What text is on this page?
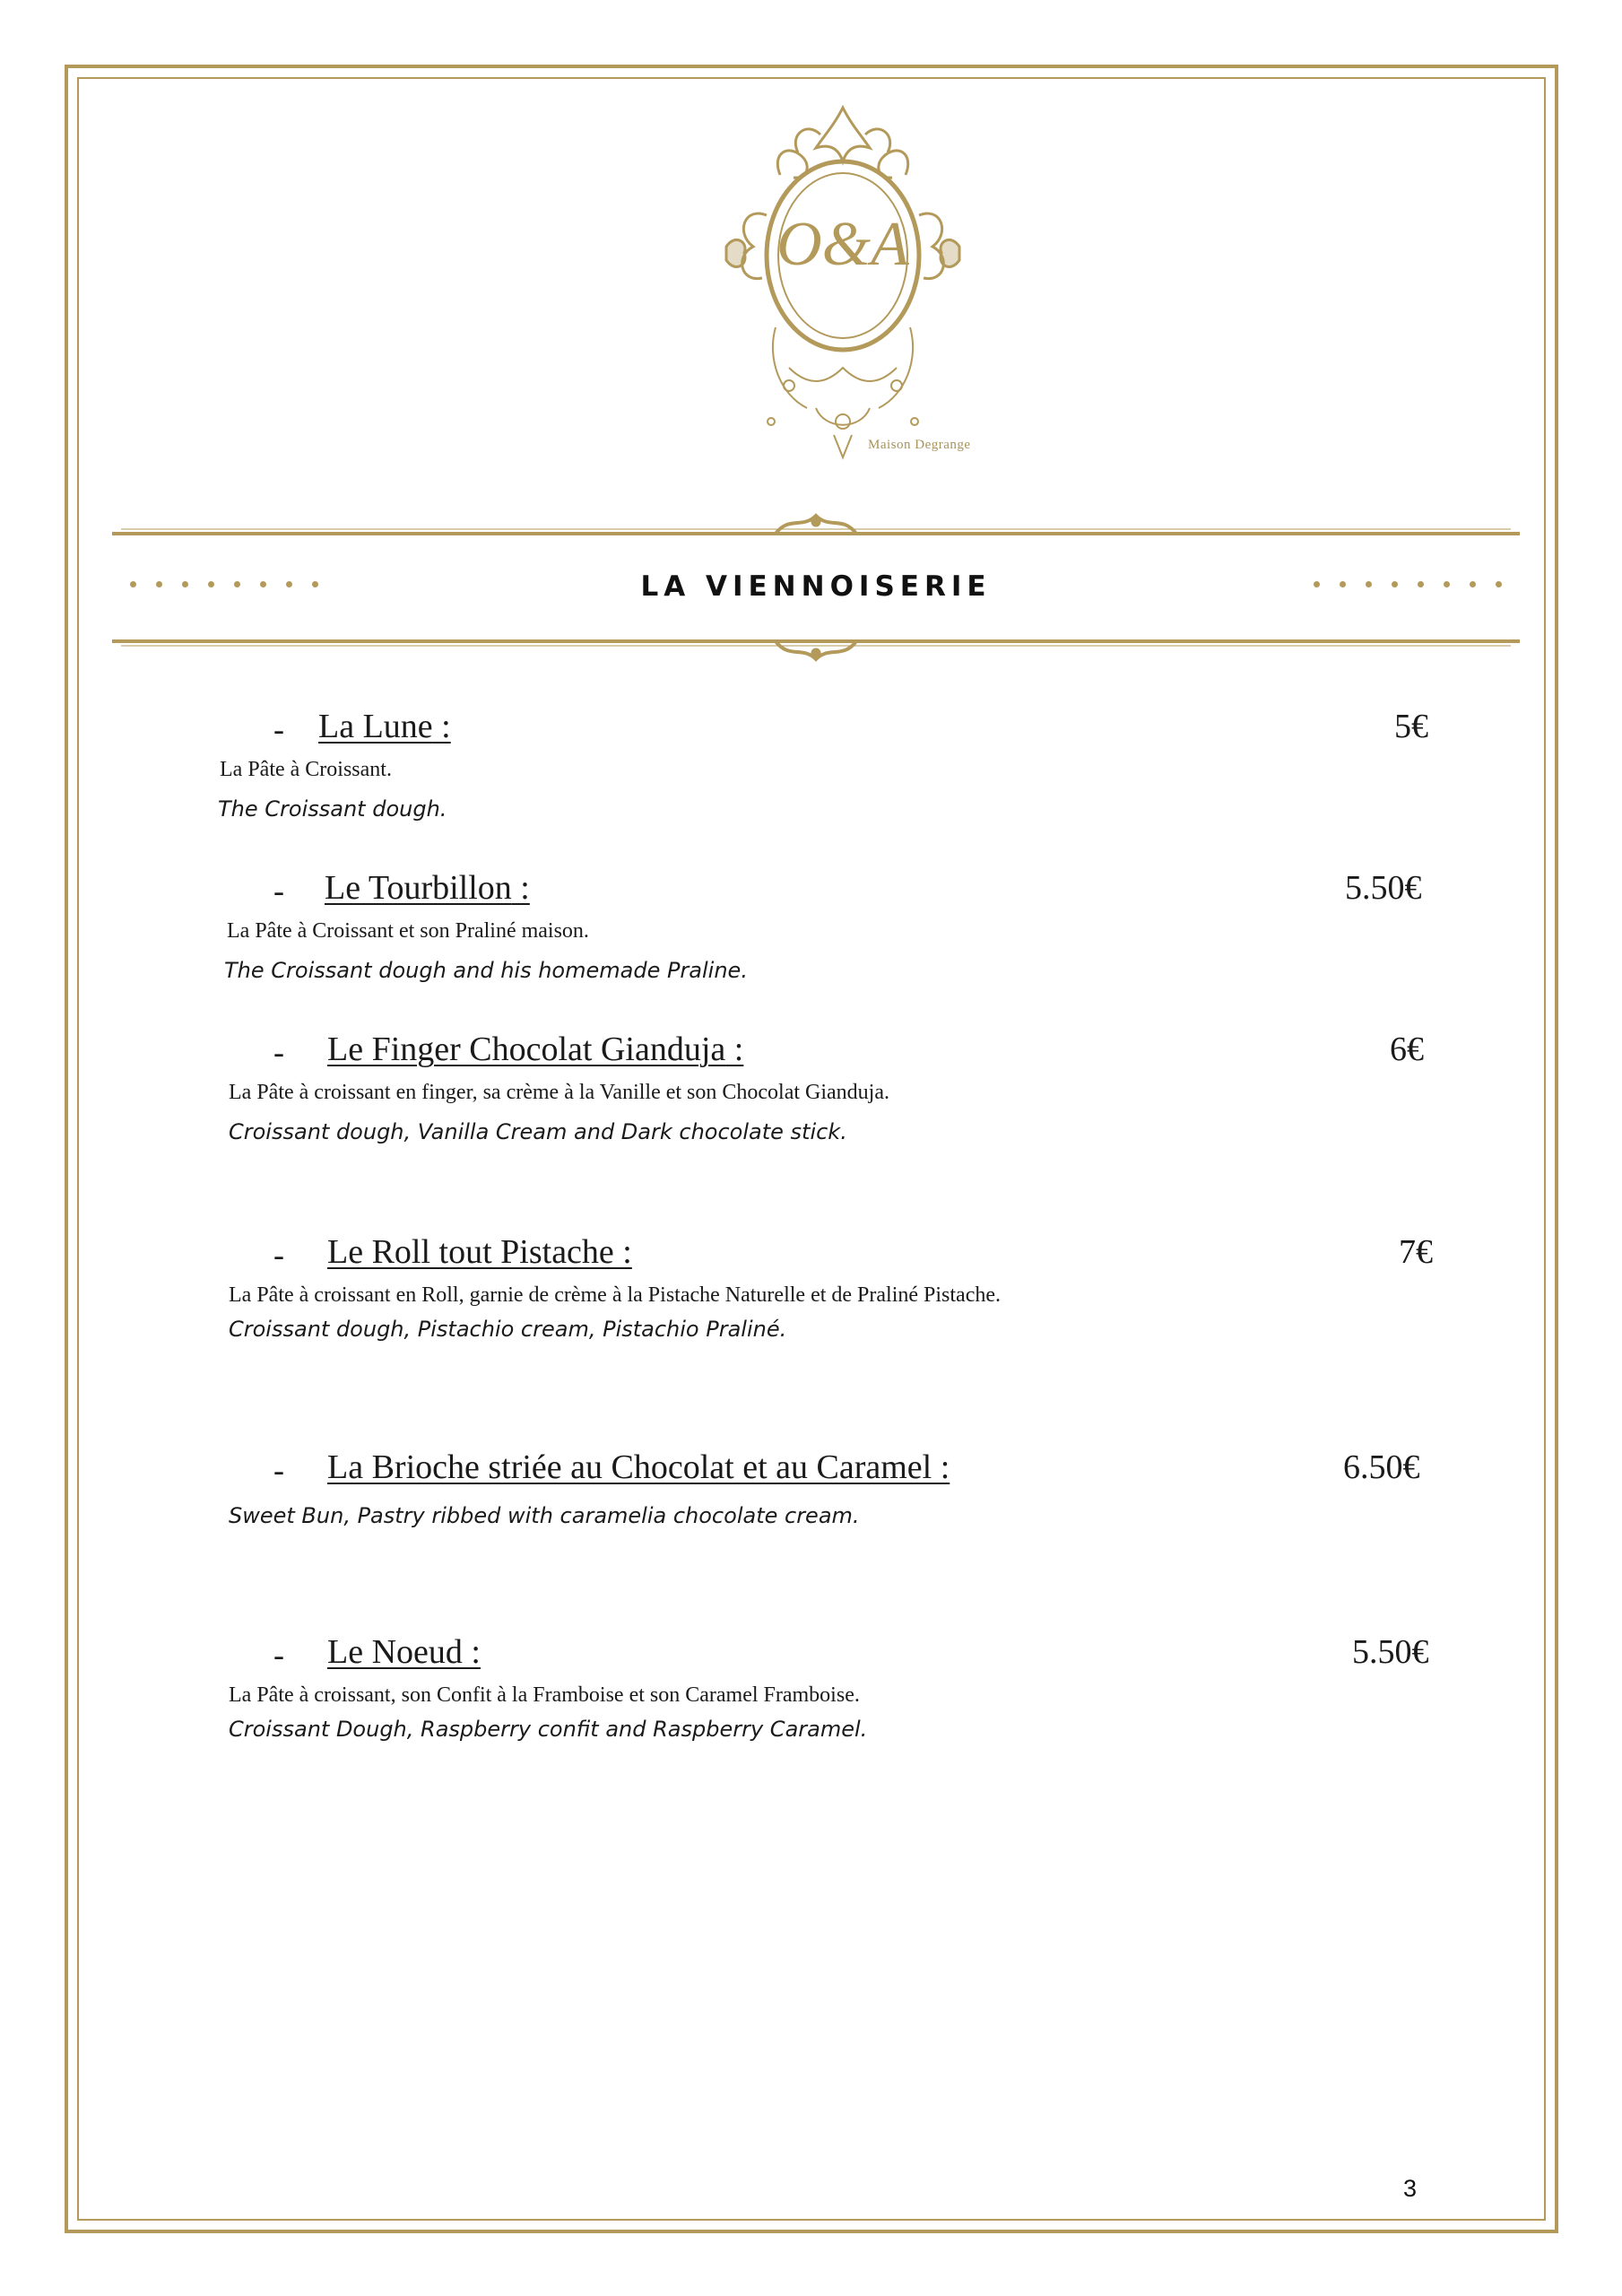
O&A
Maison Degrange
LA VIENNOISERIE
- La Lune :	5€
La Pâte à Croissant.
The Croissant dough.
- Le Tourbillon :	5.50€
La Pâte à Croissant et son Praliné maison.
The Croissant dough and his homemade Praline.
- Le Finger Chocolat Gianduja :	6€
La Pâte à croissant en finger, sa crème à la Vanille et son Chocolat Gianduja.
Croissant dough, Vanilla Cream and Dark chocolate stick.
- Le Roll tout Pistache :	7€
La Pâte à croissant en Roll, garnie de crème à la Pistache Naturelle et de Praliné Pistache.
Croissant dough, Pistachio cream, Pistachio Praliné.
- La Brioche striée au Chocolat et au Caramel :	6.50€
Sweet Bun, Pastry ribbed with caramelia chocolate cream.
- Le Noeud :	5.50€
La Pâte à croissant, son Confit à la Framboise et son Caramel Framboise.
Croissant Dough, Raspberry confit and Raspberry Caramel.
3
